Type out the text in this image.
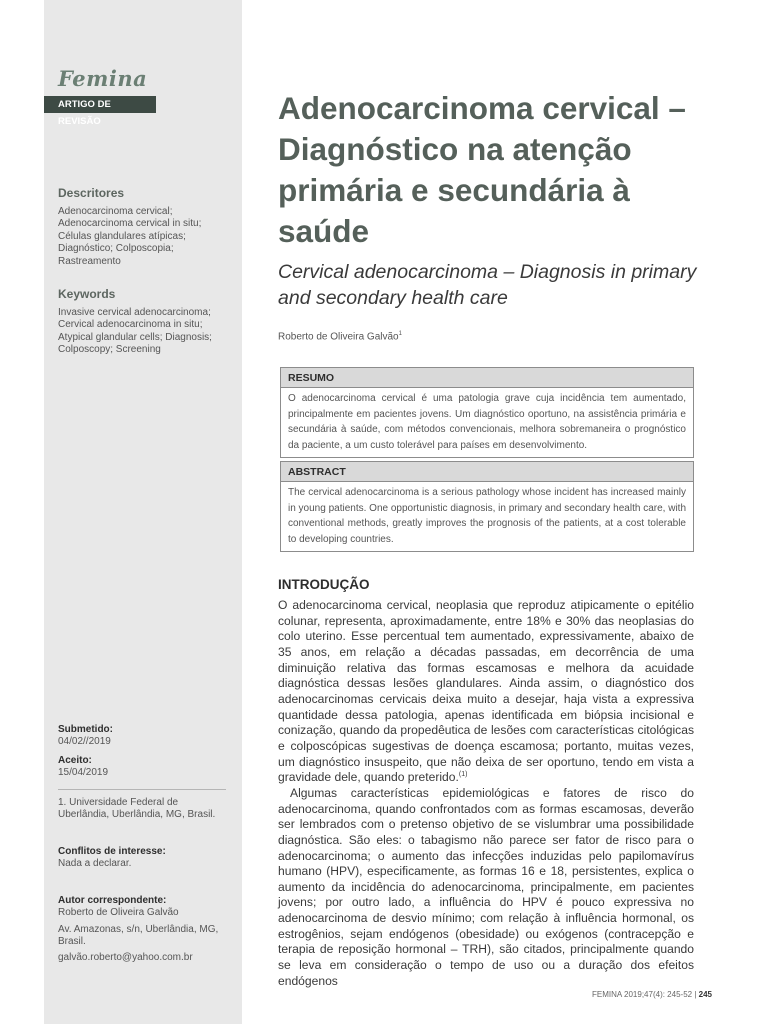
Femina
ARTIGO DE REVISÃO
Descritores
Adenocarcinoma cervical; Adenocarcinoma cervical in situ; Células glandulares atípicas; Diagnóstico; Colposcopia; Rastreamento
Keywords
Invasive cervical adenocarcinoma; Cervical adenocarcinoma in situ; Atypical glandular cells; Diagnosis; Colposcopy; Screening
Submetido:
04/02//2019
Aceito:
15/04/2019
1. Universidade Federal de Uberlândia, Uberlândia, MG, Brasil.
Conflitos de interesse:
Nada a declarar.
Autor correspondente:
Roberto de Oliveira Galvão
Av. Amazonas, s/n, Uberlândia, MG, Brasil.
galvão.roberto@yahoo.com.br
Adenocarcinoma cervical – Diagnóstico na atenção primária e secundária à saúde
Cervical adenocarcinoma – Diagnosis in primary and secondary health care
Roberto de Oliveira Galvão$^1$
RESUMO
O adenocarcinoma cervical é uma patologia grave cuja incidência tem aumentado, principalmente em pacientes jovens. Um diagnóstico oportuno, na assistência primária e secundária à saúde, com métodos convencionais, melhora sobremaneira o prognóstico da paciente, a um custo tolerável para países em desenvolvimento.
ABSTRACT
The cervical adenocarcinoma is a serious pathology whose incident has increased mainly in young patients. One opportunistic diagnosis, in primary and secondary health care, with conventional methods, greatly improves the prognosis of the patients, at a cost tolerable to developing countries.
INTRODUÇÃO

O adenocarcinoma cervical, neoplasia que reproduz atipicamente o epitélio colunar, representa, aproximadamente, entre 18% e 30% das neoplasias do colo uterino. Esse percentual tem aumentado, expressivamente, abaixo de 35 anos, em relação a décadas passadas, em decorrência de uma diminuição relativa das formas escamosas e melhora da acuidade diagnóstica dessas lesões glandulares. Ainda assim, o diagnóstico dos adenocarcinomas cervicais deixa muito a desejar, haja vista a expressiva quantidade dessa patologia, apenas identificada em biópsia incisional e conização, quando da propedêutica de lesões com características citológicas e colposcópicas sugestivas de doença escamosa; portanto, muitas vezes, um diagnóstico insuspeito, que não deixa de ser oportuno, tendo em vista a gravidade dele, quando preterido.$^{(1)}$

Algumas características epidemiológicas e fatores de risco do adenocarcinoma, quando confrontados com as formas escamosas, deverão ser lembrados com o pretenso objetivo de se vislumbrar uma possibilidade diagnóstica. São eles: o tabagismo não parece ser fator de risco para o adenocarcinoma; o aumento das infecções induzidas pelo papilomavírus humano (HPV), especificamente, as formas 16 e 18, persistentes, explica o aumento da incidência do adenocarcinoma, principalmente, em pacientes jovens; por outro lado, a influência do HPV é pouco expressiva no adenocarcinoma de desvio mínimo; com relação à influência hormonal, os estrogênios, sejam endógenos (obesidade) ou exógenos (contracepção e terapia de reposição hormonal – TRH), são citados, principalmente quando se leva em consideração o tempo de uso ou a duração dos efeitos endógenos

FEMINA 2019;47(4): 245-52 | 245
